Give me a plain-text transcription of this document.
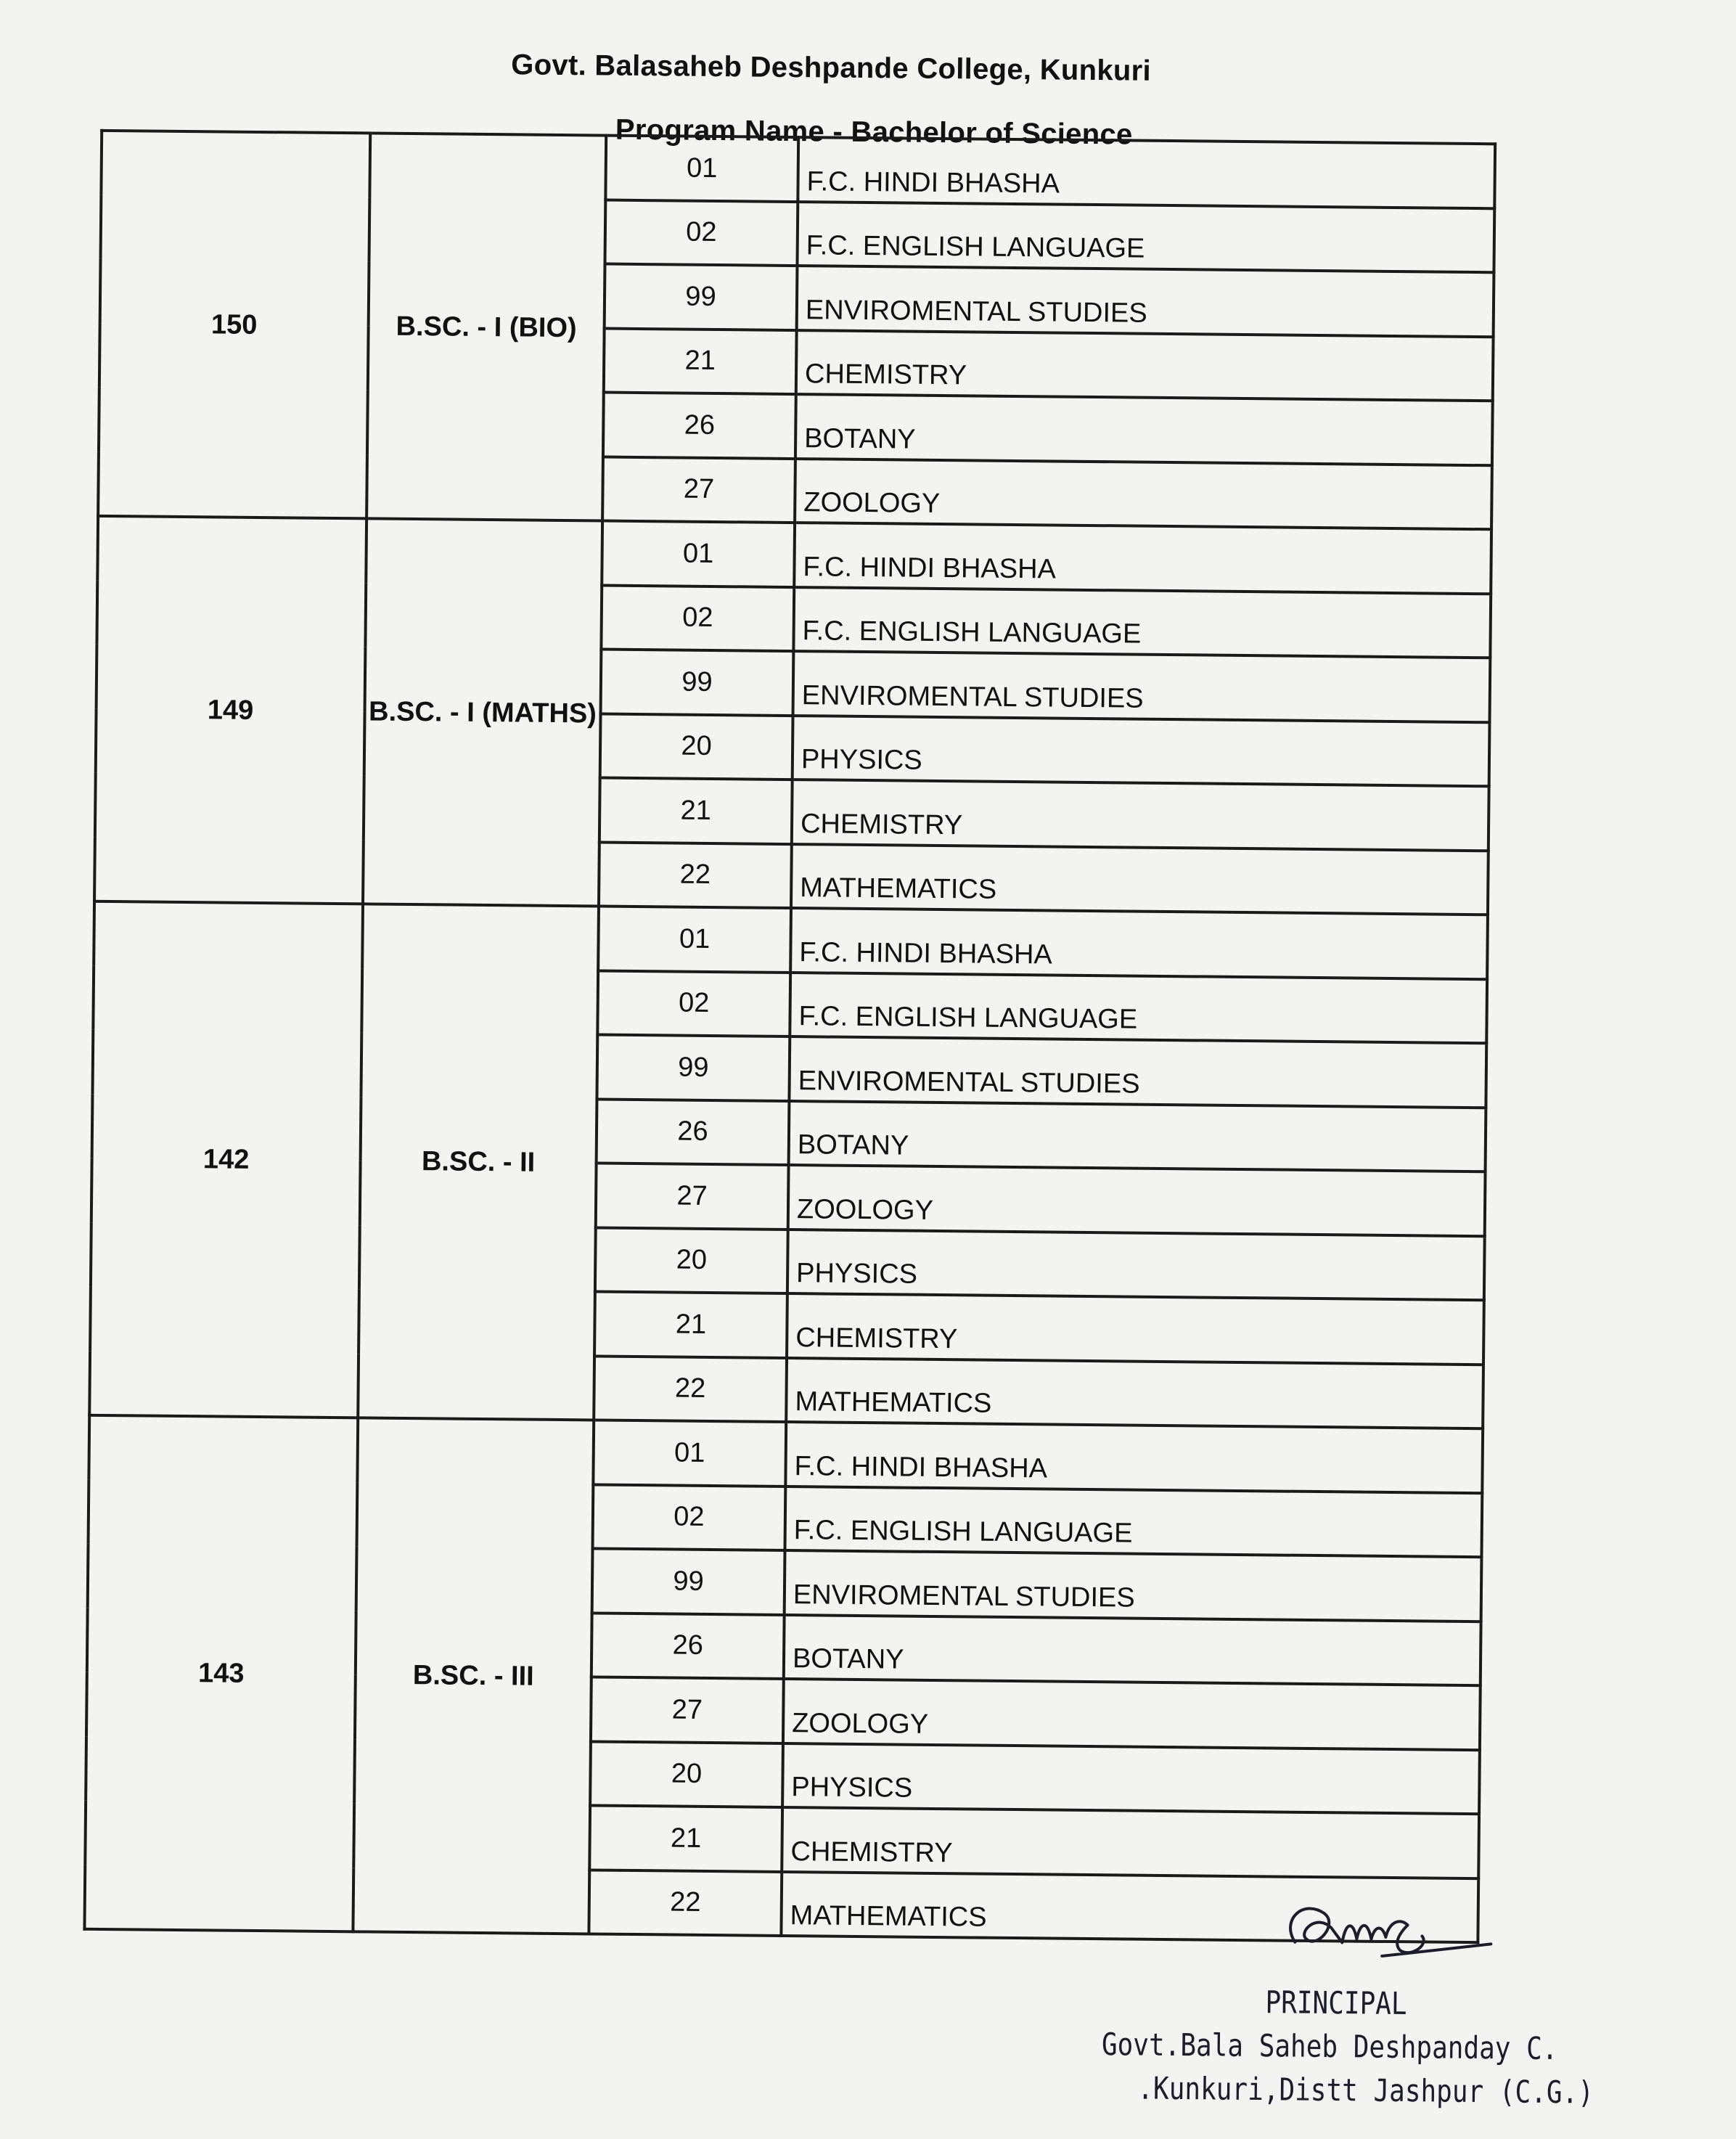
Govt. Balasaheb Deshpande College, Kunkuri
Program Name - Bachelor of Science
150	B.SC. - I (BIO)	01	F.C. HINDI BHASHA
		02	F.C. ENGLISH LANGUAGE
		99	ENVIROMENTAL STUDIES
		21	CHEMISTRY
		26	BOTANY
		27	ZOOLOGY
149	B.SC. - I (MATHS)	01	F.C. HINDI BHASHA
		02	F.C. ENGLISH LANGUAGE
		99	ENVIROMENTAL STUDIES
		20	PHYSICS
		21	CHEMISTRY
		22	MATHEMATICS
142	B.SC. - II	01	F.C. HINDI BHASHA
		02	F.C. ENGLISH LANGUAGE
		99	ENVIROMENTAL STUDIES
		26	BOTANY
		27	ZOOLOGY
		20	PHYSICS
		21	CHEMISTRY
		22	MATHEMATICS
143	B.SC. - III	01	F.C. HINDI BHASHA
		02	F.C. ENGLISH LANGUAGE
		99	ENVIROMENTAL STUDIES
		26	BOTANY
		27	ZOOLOGY
		20	PHYSICS
		21	CHEMISTRY
		22	MATHEMATICS
PRINCIPAL
Govt.Bala Saheb Deshpanday C.
.Kunkuri,Distt Jashpur (C.G.)
